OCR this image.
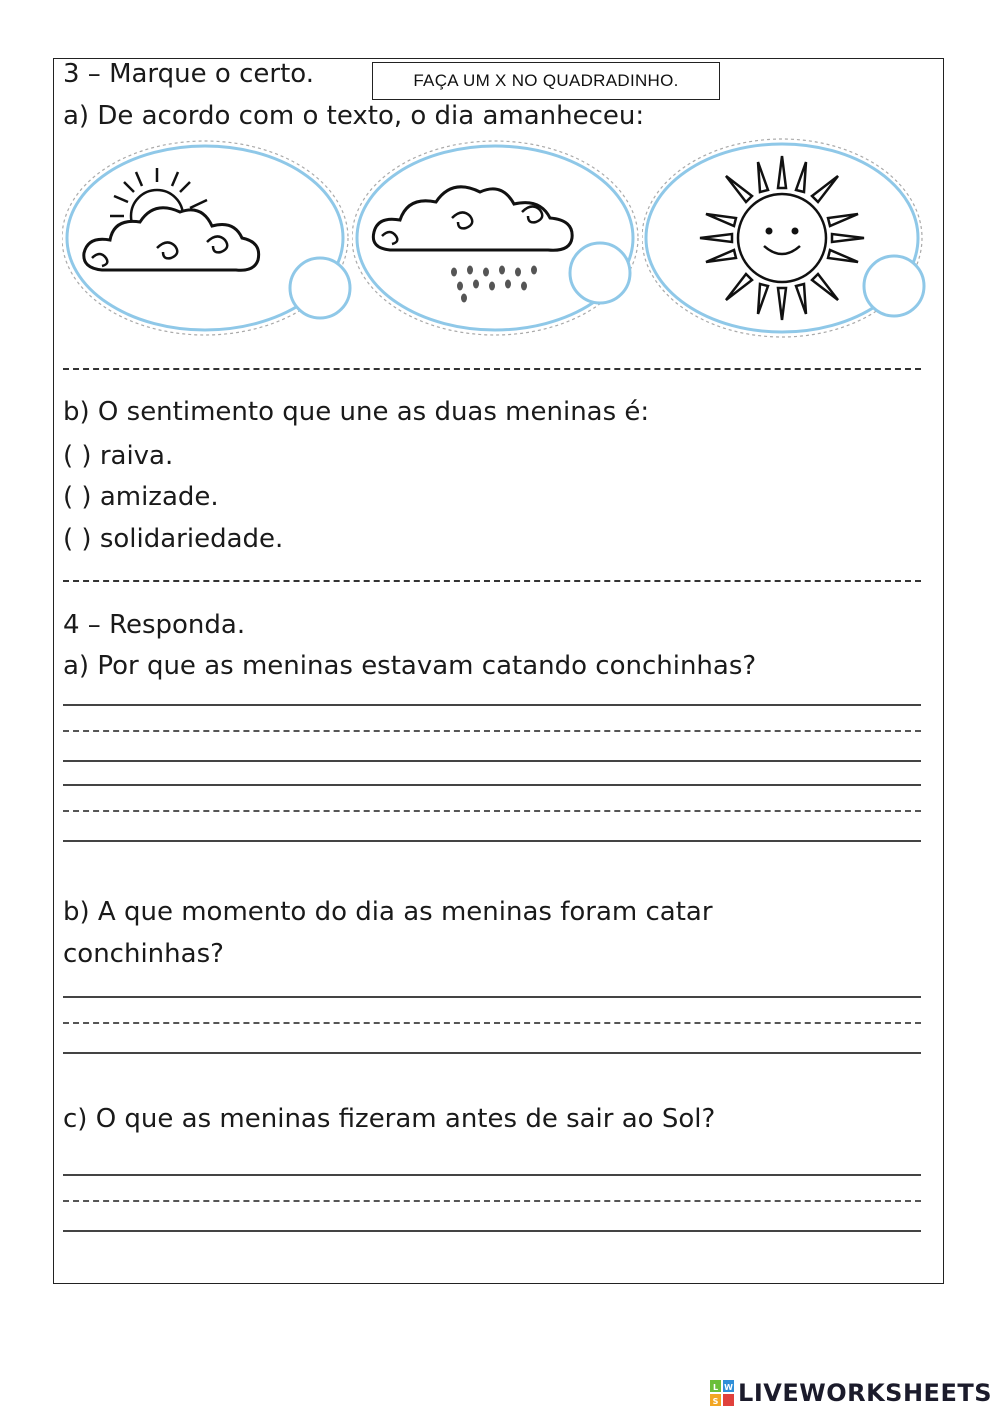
3 – Marque o certo.	FAÇA UM X NO QUADRADINHO.
a) De acordo com o texto, o dia amanheceu:
b) O sentimento que une as duas meninas é:
( ) raiva.
( ) amizade.
( ) solidariedade.
4 – Responda.
a) Por que as meninas estavam catando conchinhas?
b) A que momento do dia as meninas foram catar
conchinhas?
c) O que as meninas fizeram antes de sair ao Sol?
L W
S LIVEWORKSHEETS
